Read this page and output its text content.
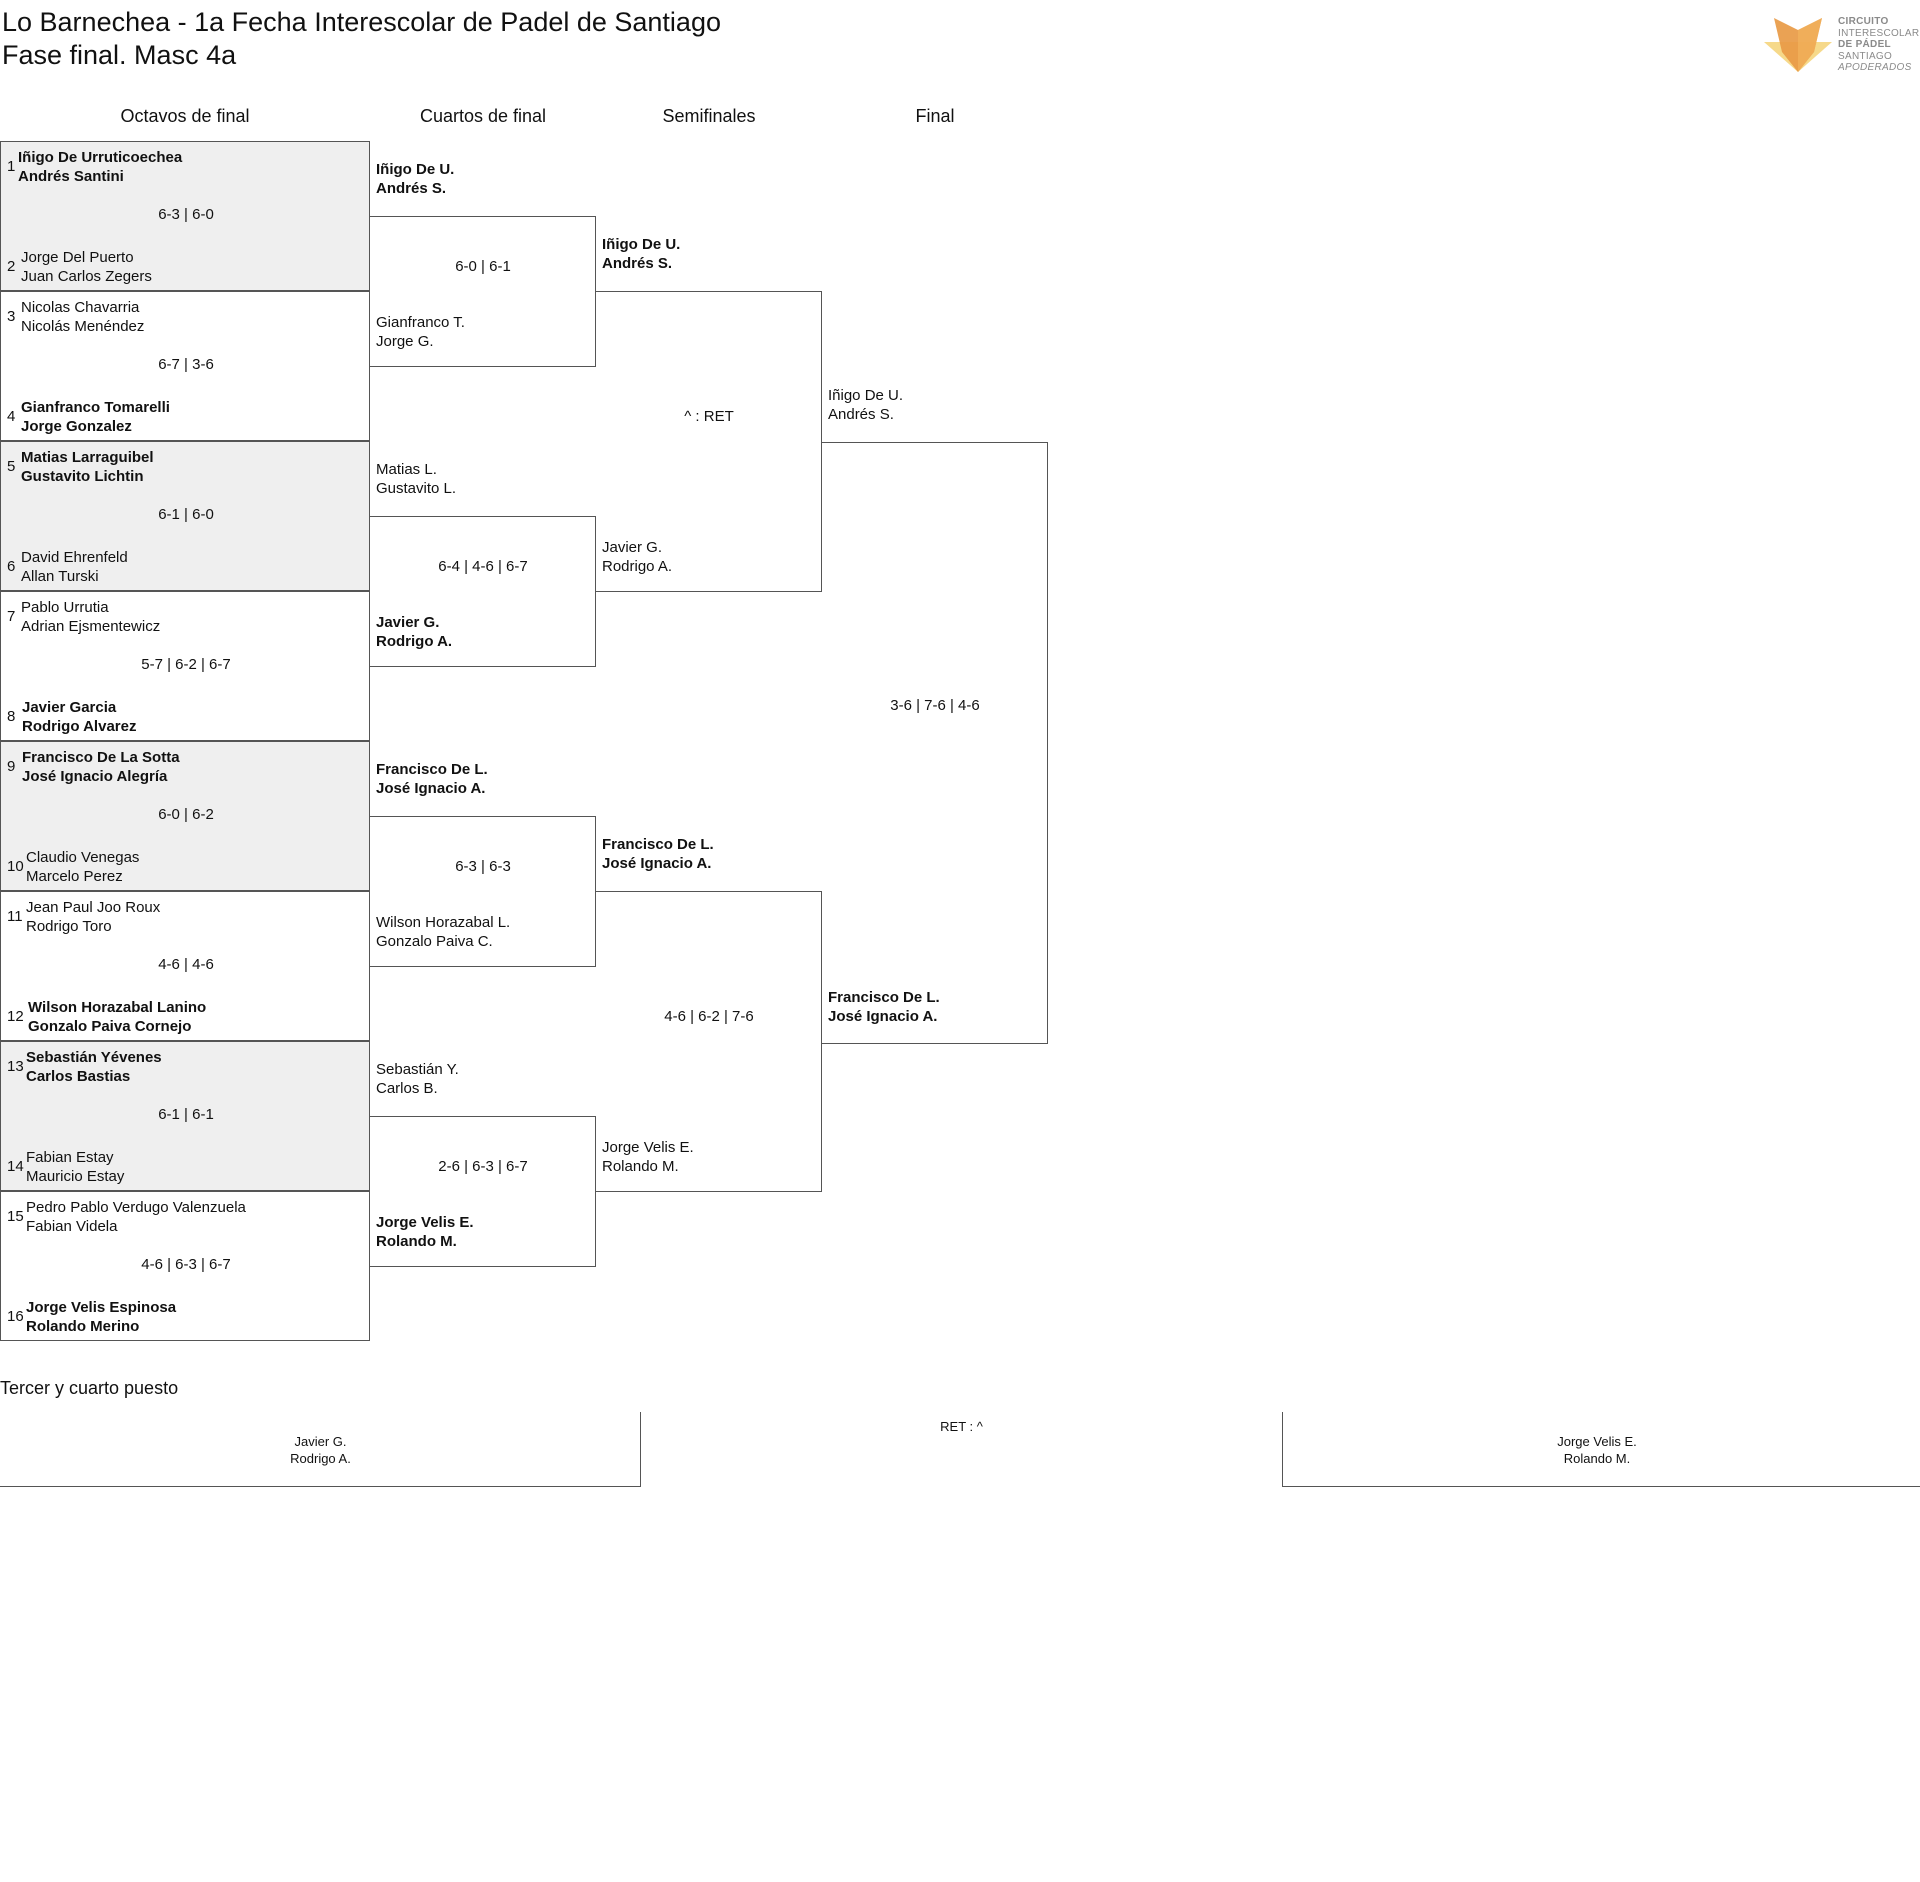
Lo Barnechea - 1a Fecha Interescolar de Padel de Santiago
Fase final. Masc 4a
CIRCUITO
INTERESCOLAR
DE PÁDEL
SANTIAGO
APODERADOS
Octavos de final	Cuartos de final	Semifinales	Final
1
Iñigo De Urruticoechea
Andrés Santini
6-3 | 6-0
2
Jorge Del Puerto
Juan Carlos Zegers
3
Nicolas Chavarria
Nicolás Menéndez
6-7 | 3-6
4
Gianfranco Tomarelli
Jorge Gonzalez
5
Matias Larraguibel
Gustavito Lichtin
6-1 | 6-0
6
David Ehrenfeld
Allan Turski
7
Pablo Urrutia
Adrian Ejsmentewicz
5-7 | 6-2 | 6-7
8
Javier Garcia
Rodrigo Alvarez
9
Francisco De La Sotta
José Ignacio Alegría
6-0 | 6-2
10
Claudio Venegas
Marcelo Perez
11
Jean Paul Joo Roux
Rodrigo Toro
4-6 | 4-6
12
Wilson Horazabal Lanino
Gonzalo Paiva Cornejo
13
Sebastián Yévenes
Carlos Bastias
6-1 | 6-1
14
Fabian Estay
Mauricio Estay
15
Pedro Pablo Verdugo Valenzuela
Fabian Videla
4-6 | 6-3 | 6-7
16
Jorge Velis Espinosa
Rolando Merino
Iñigo De U.
Andrés S.
6-0 | 6-1
Gianfranco T.
Jorge G.
Matias L.
Gustavito L.
6-4 | 4-6 | 6-7
Javier G.
Rodrigo A.
Francisco De L.
José Ignacio A.
6-3 | 6-3
Wilson Horazabal L.
Gonzalo Paiva C.
Sebastián Y.
Carlos B.
2-6 | 6-3 | 6-7
Jorge Velis E.
Rolando M.
Iñigo De U.
Andrés S.
^ : RET
Javier G.
Rodrigo A.
Francisco De L.
José Ignacio A.
4-6 | 6-2 | 7-6
Jorge Velis E.
Rolando M.
Iñigo De U.
Andrés S.
3-6 | 7-6 | 4-6
Francisco De L.
José Ignacio A.
Tercer y cuarto puesto
Javier G.
Rodrigo A.
RET : ^
Jorge Velis E.
Rolando M.
